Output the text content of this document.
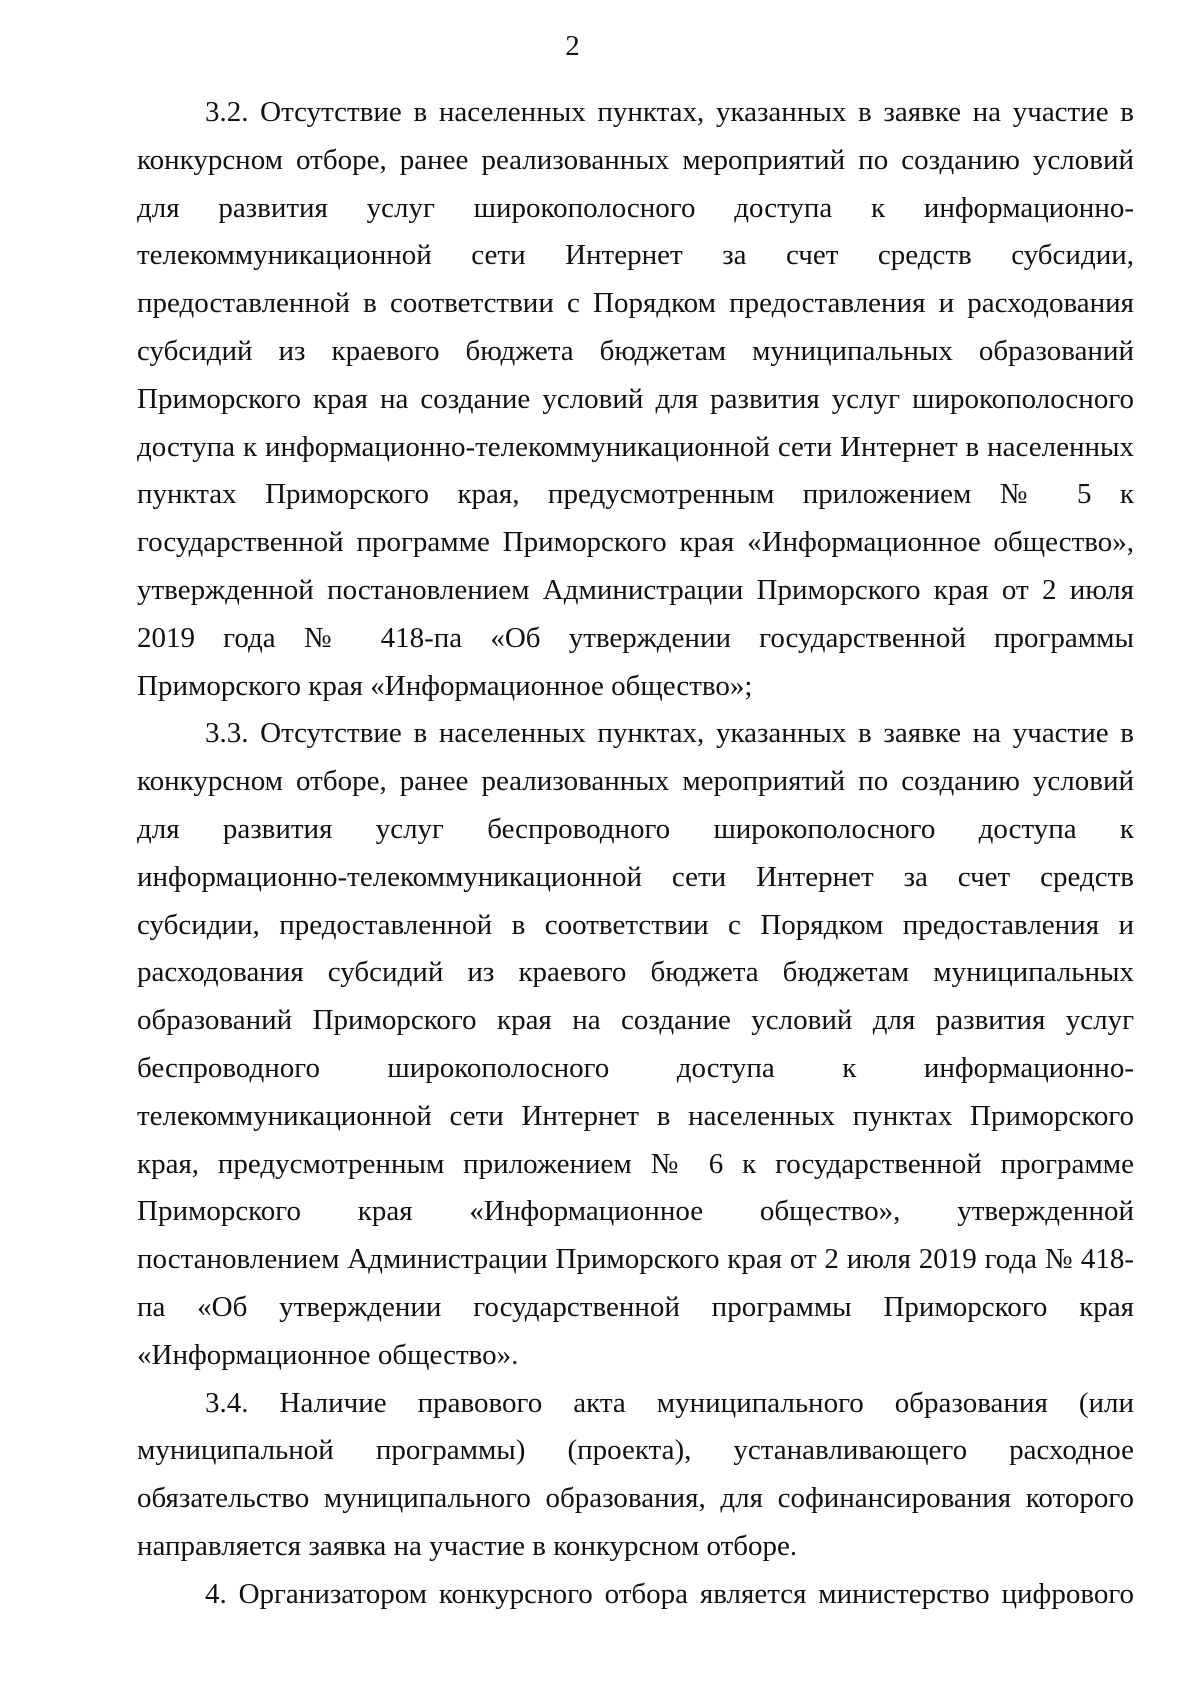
2

3.2. Отсутствие в населенных пунктах, указанных в заявке на участие в конкурсном отборе, ранее реализованных мероприятий по созданию условий для развития услуг широкополосного доступа к информационно-телекоммуникационной сети Интернет за счет средств субсидии, предоставленной в соответствии с Порядком предоставления и расходования субсидий из краевого бюджета бюджетам муниципальных образований Приморского края на создание условий для развития услуг широкополосного доступа к информационно-телекоммуникационной сети Интернет в населенных пунктах Приморского края, предусмотренным приложением № 5 к государственной программе Приморского края «Информационное общество», утвержденной постановлением Администрации Приморского края от 2 июля 2019 года № 418-па «Об утверждении государственной программы Приморского края «Информационное общество»;

3.3. Отсутствие в населенных пунктах, указанных в заявке на участие в конкурсном отборе, ранее реализованных мероприятий по созданию условий для развития услуг беспроводного широкополосного доступа к информационно-телекоммуникационной сети Интернет за счет средств субсидии, предоставленной в соответствии с Порядком предоставления и расходования субсидий из краевого бюджета бюджетам муниципальных образований Приморского края на создание условий для развития услуг беспроводного широкополосного доступа к информационно-телекоммуникационной сети Интернет в населенных пунктах Приморского края, предусмотренным приложением № 6 к государственной программе Приморского края «Информационное общество», утвержденной постановлением Администрации Приморского края от 2 июля 2019 года № 418-па «Об утверждении государственной программы Приморского края «Информационное общество».

3.4. Наличие правового акта муниципального образования (или муниципальной программы) (проекта), устанавливающего расходное обязательство муниципального образования, для софинансирования которого направляется заявка на участие в конкурсном отборе.

4. Организатором конкурсного отбора является министерство цифрового
